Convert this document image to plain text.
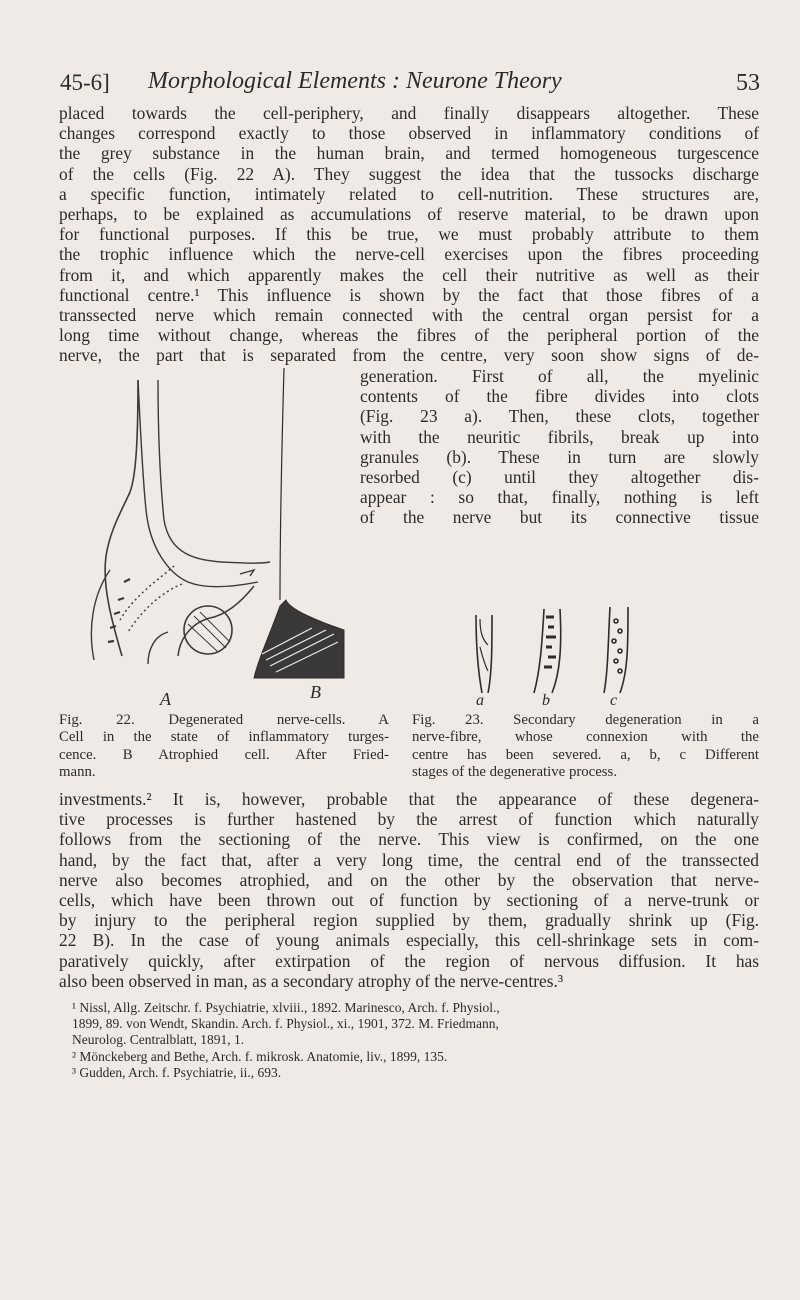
45-6] Morphological Elements : Neurone Theory	53
placed towards the cell-periphery, and finally disappears altogether. These
changes correspond exactly to those observed in inflammatory conditions of
the grey substance in the human brain, and termed homogeneous turgescence
of the cells (Fig. 22 A). They suggest the idea that the tussocks discharge
a specific function, intimately related to cell-nutrition. These structures are,
perhaps, to be explained as accumulations of reserve material, to be drawn upon
for functional purposes. If this be true, we must probably attribute to them
the trophic influence which the nerve-cell exercises upon the fibres proceeding
from it, and which apparently makes the cell their nutritive as well as their
functional centre.¹ This influence is shown by the fact that those fibres of a
transsected nerve which remain connected with the central organ persist for a
long time without change, whereas the fibres of the peripheral portion of the
nerve, the part that is separated from the centre, very soon show signs of de-
generation. First of all, the myelinic
contents of the fibre divides into clots
(Fig. 23 a). Then, these clots, together
with the neuritic fibrils, break up into
granules (b). These in turn are slowly
resorbed (c) until they altogether dis-
appear : so that, finally, nothing is left
of the nerve but its connective tissue
A	B	a	b	c
Fig. 22. Degenerated nerve-cells. A
Cell in the state of inflammatory turges-
cence. B Atrophied cell. After Fried-
mann.
Fig. 23. Secondary degeneration in a
nerve-fibre, whose connexion with the
centre has been severed. a, b, c Different
stages of the degenerative process.
investments.² It is, however, probable that the appearance of these degenera-
tive processes is further hastened by the arrest of function which naturally
follows from the sectioning of the nerve. This view is confirmed, on the one
hand, by the fact that, after a very long time, the central end of the transsected
nerve also becomes atrophied, and on the other by the observation that nerve-
cells, which have been thrown out of function by sectioning of a nerve-trunk or
by injury to the peripheral region supplied by them, gradually shrink up (Fig.
22 B). In the case of young animals especially, this cell-shrinkage sets in com-
paratively quickly, after extirpation of the region of nervous diffusion. It has
also been observed in man, as a secondary atrophy of the nerve-centres.³
¹ Nissl, Allg. Zeitschr. f. Psychiatrie, xlviii., 1892. Marinesco, Arch. f. Physiol.,
1899, 89. von Wendt, Skandin. Arch. f. Physiol., xi., 1901, 372. M. Friedmann,
Neurolog. Centralblatt, 1891, 1.
² Mönckeberg and Bethe, Arch. f. mikrosk. Anatomie, liv., 1899, 135.
³ Gudden, Arch. f. Psychiatrie, ii., 693.
